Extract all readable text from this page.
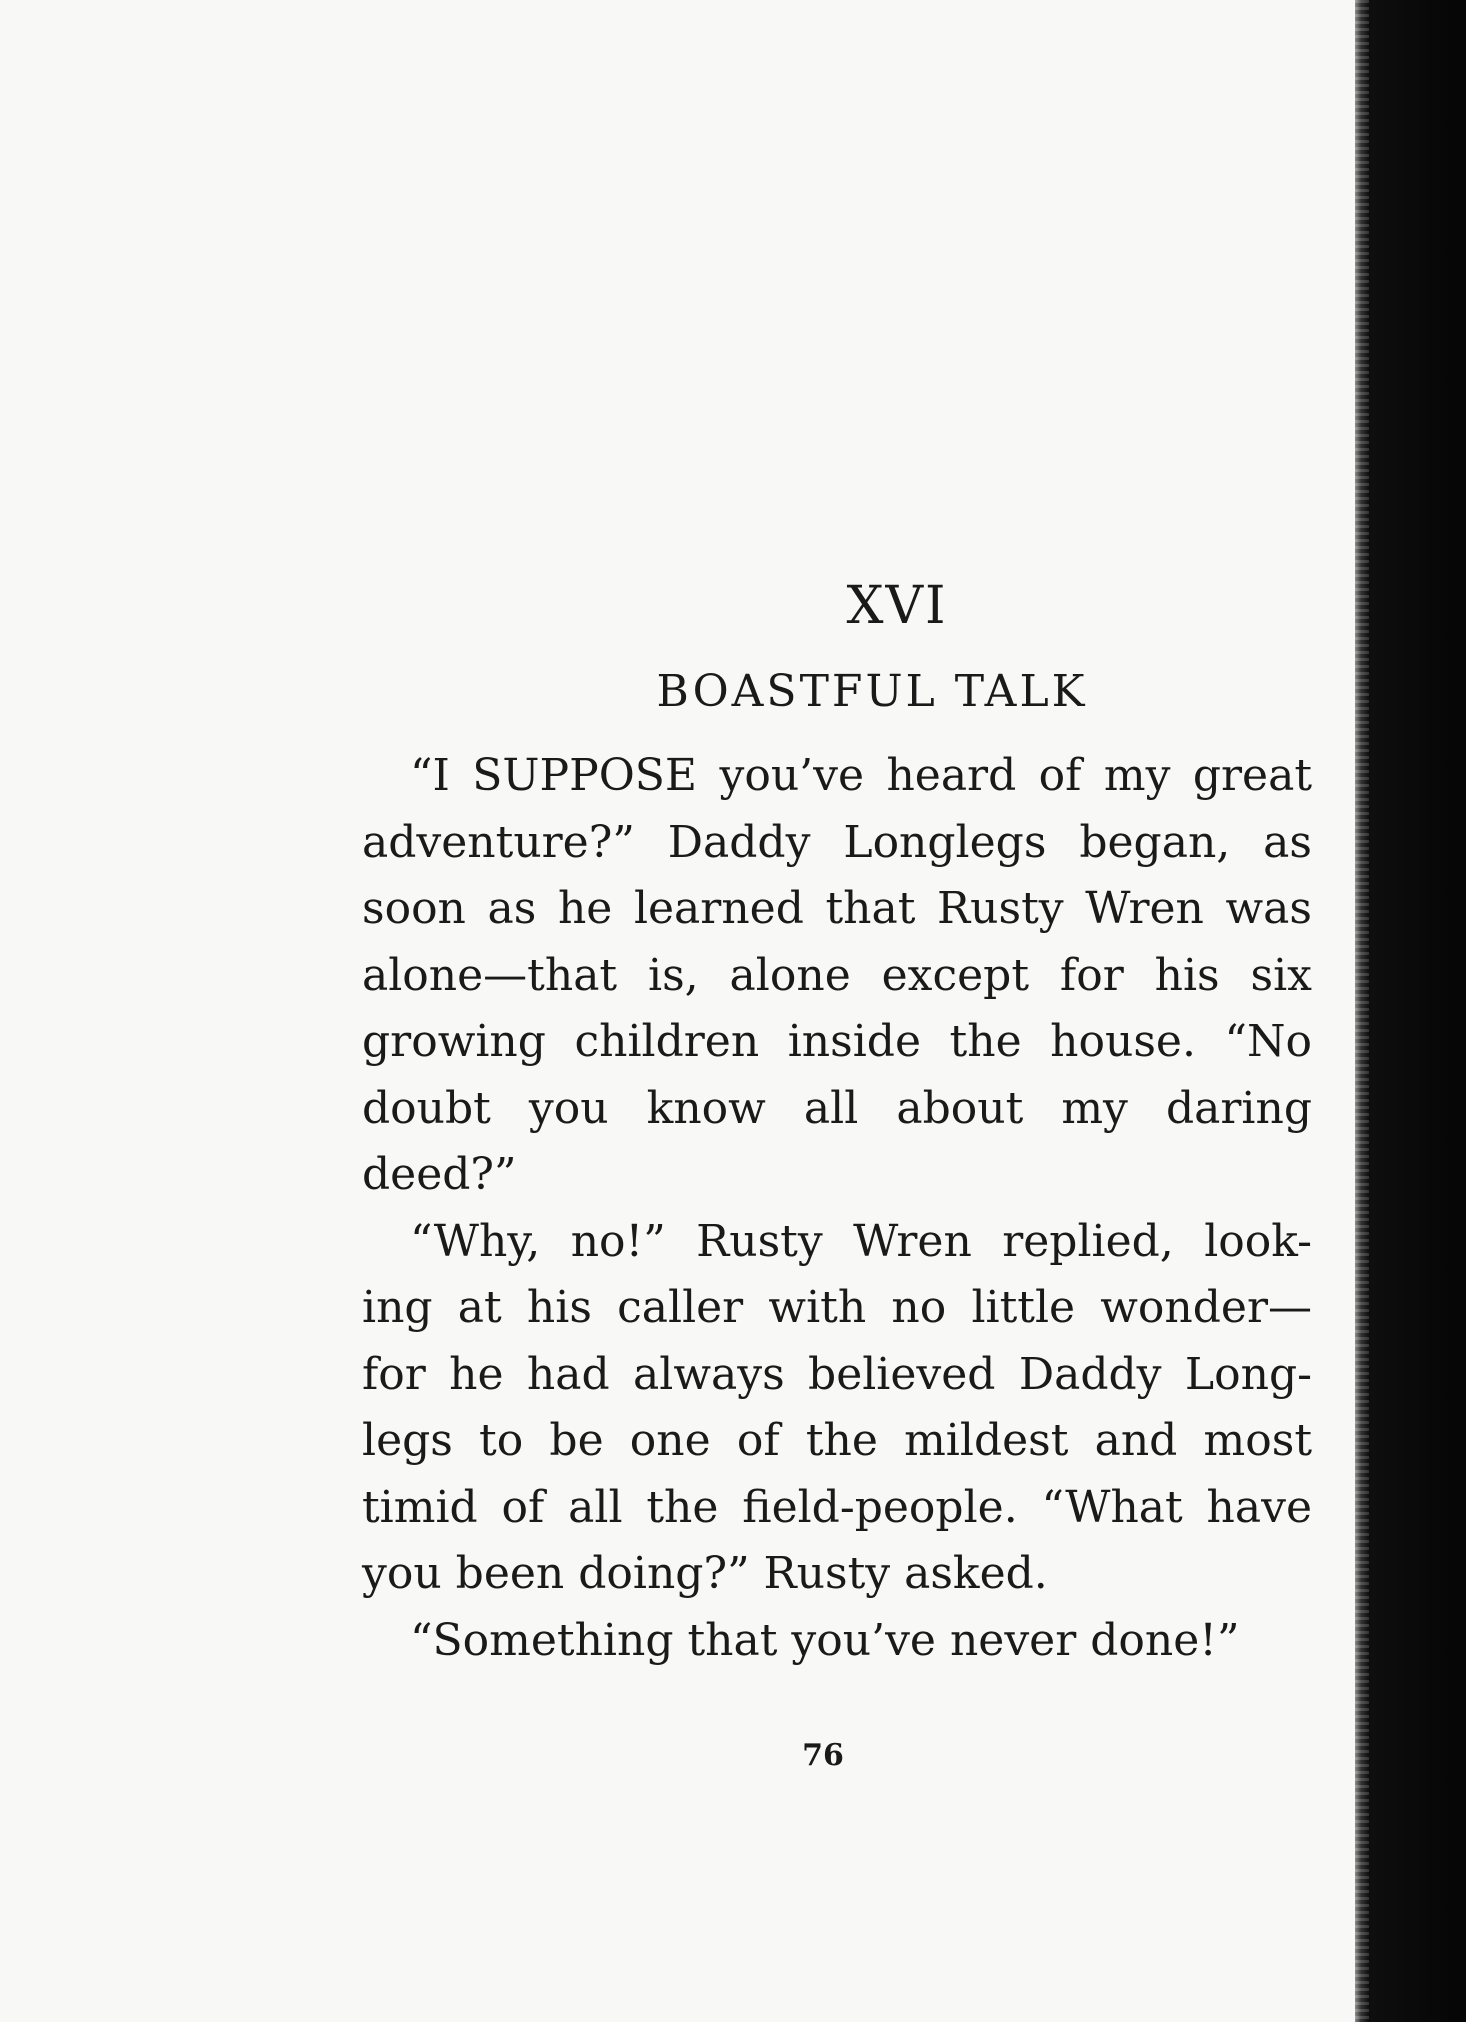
XVI
BOASTFUL TALK

“I SUPPOSE you’ve heard of my great
adventure?” Daddy Longlegs began, as
soon as he learned that Rusty Wren was
alone—that is, alone except for his six
growing children inside the house. “No
doubt you know all about my daring
deed?”

“Why, no!” Rusty Wren replied, look-
ing at his caller with no little wonder—
for he had always believed Daddy Long-
legs to be one of the mildest and most
timid of all the field-people. “What have
you been doing?” Rusty asked.

“Something that you’ve never done!”

76
